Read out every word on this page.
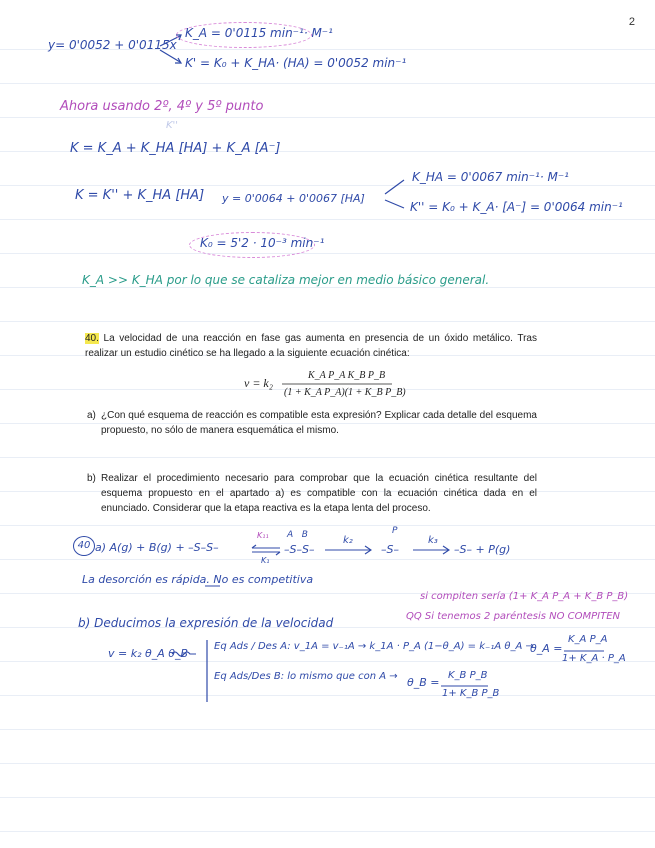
2
y= 0'0052 + 0'0115x
K_A = 0'0115 min⁻¹· M⁻¹
K' = K₀ + K_HA· (HA) = 0'0052 min⁻¹
Ahora usando 2º, 4º y 5º punto
K''
K = K_A + K_HA [HA] + K_A [A⁻]
K = K'' + K_HA [HA] y = 0'0064 + 0'0067 [HA]
K_HA = 0'0067 min⁻¹· M⁻¹
K'' = K₀ + K_A· [A⁻] = 0'0064 min⁻¹
K₀ = 5'2 · 10⁻³ min⁻¹
K_A >> K_HA por lo que se cataliza mejor en medio básico general.
40. La velocidad de una reacción en fase gas aumenta en presencia de un óxido metálico. Tras realizar un estudio cinético se ha llegado a la siguiente ecuación cinética:
v = k₂
K_A P_A K_B P_B
(1 + K_A P_A)(1 + K_B P_B)
a) ¿Con qué esquema de reacción es compatible esta expresión? Explicar cada detalle del esquema propuesto, no sólo de manera esquemática el mismo.
b) Realizar el procedimiento necesario para comprobar que la ecuación cinética resultante del esquema propuesto en el apartado a) es compatible con la ecuación cinética dada en el enunciado. Considerar que la etapa reactiva es la etapa lenta del proceso.
40 a) A(g) + B(g) + –S–S–
K₁₁
K₁
A   B
–S–S–
k₂
P
–S–
k₃
–S– + P(g)
La desorción es rápida. No es competitiva
si compiten sería (1+ K_A P_A + K_B P_B)
QQ Si tenemos 2 paréntesis NO COMPITEN
b) Deducimos la expresión de la velocidad
v = k₂ θ_A θ_B
Eq Ads / Des A: v_1A = v₋₁A → k_1A · P_A (1−θ_A) = k₋₁A θ_A →
θ_A =
K_A P_A
1+ K_A · P_A
Eq Ads/Des B: lo mismo que con A → θ_B =
K_B P_B
1+ K_B P_B
